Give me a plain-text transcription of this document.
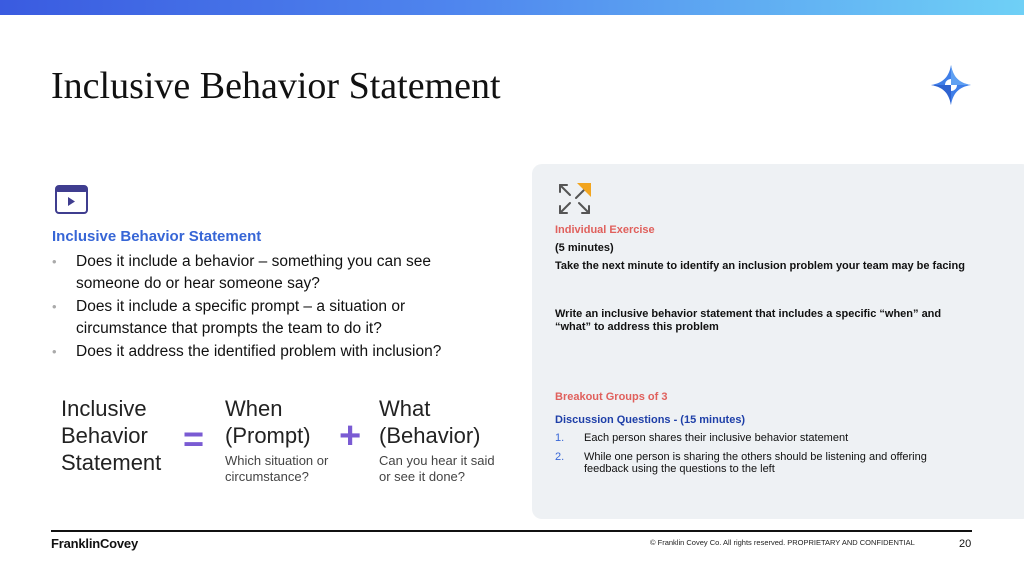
Inclusive Behavior Statement
Inclusive Behavior Statement
• Does it include a behavior – something you can see someone do or hear someone say?
• Does it include a specific prompt – a situation or circumstance that prompts the team to do it?
• Does it address the identified problem with inclusion?
Inclusive
Behavior
Statement
=
When
(Prompt)
Which situation or
circumstance?
+
What
(Behavior)
Can you hear it said
or see it done?
Individual Exercise
(5 minutes)
Take the next minute to identify an inclusion problem your team may be facing
Write an inclusive behavior statement that includes a specific “when” and “what” to address this problem
Breakout Groups of 3
Discussion Questions - (15 minutes)
1. Each person shares their inclusive behavior statement
2. While one person is sharing the others should be listening and offering feedback using the questions to the left
FranklinCovey	© Franklin Covey Co. All rights reserved. PROPRIETARY AND CONFIDENTIAL	20
